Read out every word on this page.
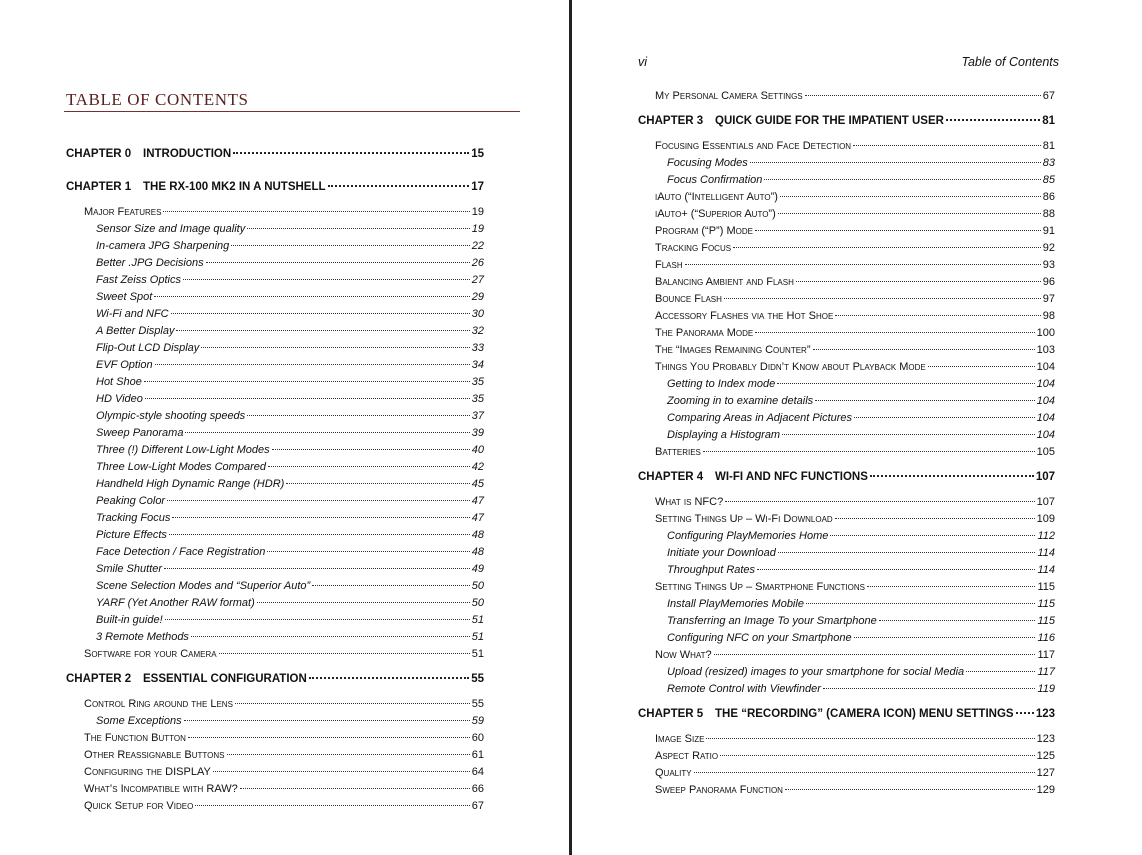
TABLE OF CONTENTS
CHAPTER 0	INTRODUCTION	15
CHAPTER 1	THE RX-100 MK2 IN A NUTSHELL	17
Major Features	19
Sensor Size and Image quality	19
In-camera JPG Sharpening	22
Better .JPG Decisions	26
Fast Zeiss Optics	27
Sweet Spot	29
Wi-Fi and NFC	30
A Better Display	32
Flip-Out LCD Display	33
EVF Option	34
Hot Shoe	35
HD Video	35
Olympic-style shooting speeds	37
Sweep Panorama	39
Three (!) Different Low-Light Modes	40
Three Low-Light Modes Compared	42
Handheld High Dynamic Range (HDR)	45
Peaking Color	47
Tracking Focus	47
Picture Effects	48
Face Detection / Face Registration	48
Smile Shutter	49
Scene Selection Modes and “Superior Auto”	50
YARF (Yet Another RAW format)	50
Built-in guide!	51
3 Remote Methods	51
Software for your Camera	51
CHAPTER 2	ESSENTIAL CONFIGURATION	55
Control Ring around the Lens	55
Some Exceptions	59
The Function Button	60
Other Reassignable Buttons	61
Configuring the DISPLAY	64
What’s Incompatible with RAW?	66
Quick Setup for Video	67
vi	Table of Contents
My Personal Camera Settings	67
CHAPTER 3	QUICK GUIDE FOR THE IMPATIENT USER	81
Focusing Essentials and Face Detection	81
Focusing Modes	83
Focus Confirmation	85
iAuto (“Intelligent Auto”)	86
iAuto+ (“Superior Auto”)	88
Program (“P”) Mode	91
Tracking Focus	92
Flash	93
Balancing Ambient and Flash	96
Bounce Flash	97
Accessory Flashes via the Hot Shoe	98
The Panorama Mode	100
The “Images Remaining Counter”	103
Things You Probably Didn’t Know about Playback Mode	104
Getting to Index mode	104
Zooming in to examine details	104
Comparing Areas in Adjacent Pictures	104
Displaying a Histogram	104
Batteries	105
CHAPTER 4	WI-FI AND NFC FUNCTIONS	107
What is NFC?	107
Setting Things Up – Wi-Fi Download	109
Configuring PlayMemories Home	112
Initiate your Download	114
Throughput Rates	114
Setting Things Up – Smartphone Functions	115
Install PlayMemories Mobile	115
Transferring an Image To your Smartphone	115
Configuring NFC on your Smartphone	116
Now What?	117
Upload (resized) images to your smartphone for social Media	117
Remote Control with Viewfinder	119
CHAPTER 5	THE “RECORDING” (CAMERA ICON) MENU SETTINGS 123
Image Size	123
Aspect Ratio	125
Quality	127
Sweep Panorama Function	129
